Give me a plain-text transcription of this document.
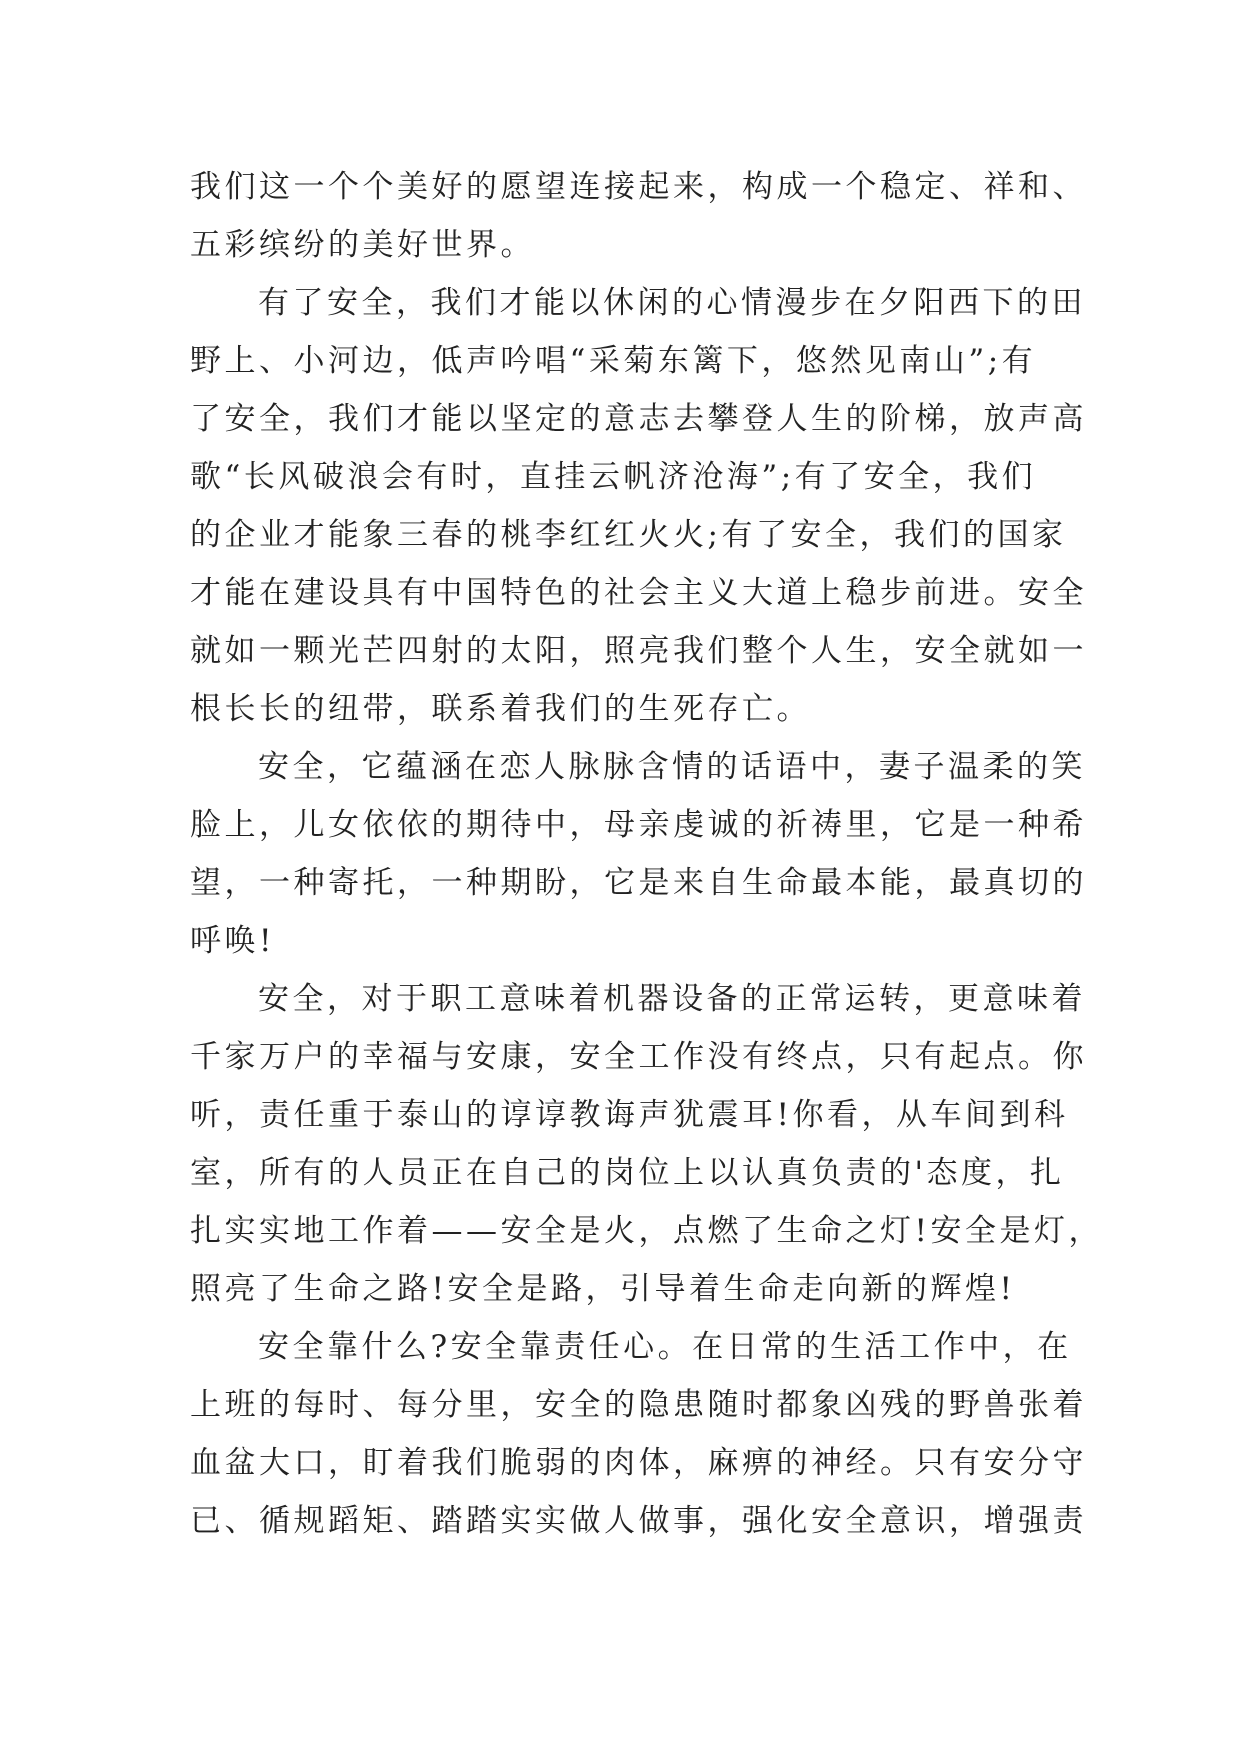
我们这一个个美好的愿望连接起来，构成一个稳定、祥和、
五彩缤纷的美好世界。
有了安全，我们才能以休闲的心情漫步在夕阳西下的田
野上、小河边，低声吟唱“采菊东篱下，悠然见南山”;有
了安全，我们才能以坚定的意志去攀登人生的阶梯，放声高
歌“长风破浪会有时，直挂云帆济沧海”;有了安全，我们
的企业才能象三春的桃李红红火火;有了安全，我们的国家
才能在建设具有中国特色的社会主义大道上稳步前进。安全
就如一颗光芒四射的太阳，照亮我们整个人生，安全就如一
根长长的纽带，联系着我们的生死存亡。
安全，它蕴涵在恋人脉脉含情的话语中，妻子温柔的笑
脸上，儿女依依的期待中，母亲虔诚的祈祷里，它是一种希
望，一种寄托，一种期盼，它是来自生命最本能，最真切的
呼唤!
安全，对于职工意味着机器设备的正常运转，更意味着
千家万户的幸福与安康，安全工作没有终点，只有起点。你
听，责任重于泰山的谆谆教诲声犹震耳!你看，从车间到科
室，所有的人员正在自己的岗位上以认真负责的'态度，扎
扎实实地工作着——安全是火，点燃了生命之灯!安全是灯，
照亮了生命之路!安全是路，引导着生命走向新的辉煌!
安全靠什么?安全靠责任心。在日常的生活工作中，在
上班的每时、每分里，安全的隐患随时都象凶残的野兽张着
血盆大口，盯着我们脆弱的肉体，麻痹的神经。只有安分守
已、循规蹈矩、踏踏实实做人做事，强化安全意识，增强责
